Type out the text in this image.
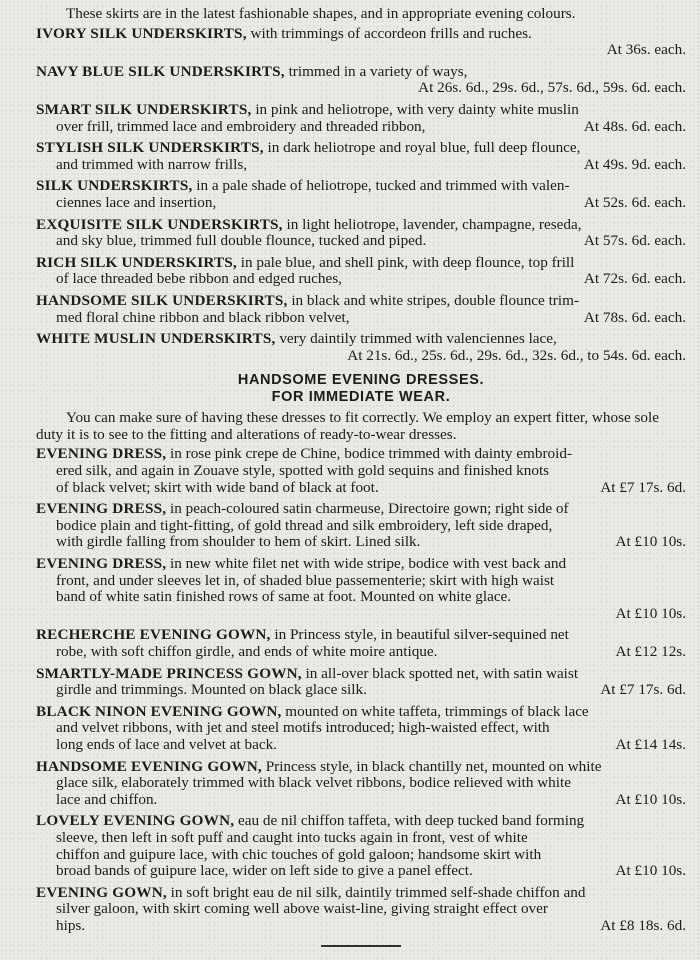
These skirts are in the latest fashionable shapes, and in appropriate evening colours.

IVORY SILK UNDERSKIRTS, with trimmings of accordeon frills and ruches.
At 36s. each.
NAVY BLUE SILK UNDERSKIRTS, trimmed in a variety of ways,
At 26s. 6d., 29s. 6d., 57s. 6d., 59s. 6d. each.
SMART SILK UNDERSKIRTS, in pink and heliotrope, with very dainty white muslin
over frill, trimmed lace and embroidery and threaded ribbon,	At 48s. 6d. each.
STYLISH SILK UNDERSKIRTS, in dark heliotrope and royal blue, full deep flounce,
and trimmed with narrow frills,	At 49s. 9d. each.
SILK UNDERSKIRTS, in a pale shade of heliotrope, tucked and trimmed with valen-
ciennes lace and insertion,	At 52s. 6d. each.
EXQUISITE SILK UNDERSKIRTS, in light heliotrope, lavender, champagne, reseda,
and sky blue, trimmed full double flounce, tucked and piped.	At 57s. 6d. each.
RICH SILK UNDERSKIRTS, in pale blue, and shell pink, with deep flounce, top frill
of lace threaded bebe ribbon and edged ruches,	At 72s. 6d. each.
HANDSOME SILK UNDERSKIRTS, in black and white stripes, double flounce trim-
med floral chine ribbon and black ribbon velvet,	At 78s. 6d. each.
WHITE MUSLIN UNDERSKIRTS, very daintily trimmed with valenciennes lace,
At 21s. 6d., 25s. 6d., 29s. 6d., 32s. 6d., to 54s. 6d. each.
HANDSOME EVENING DRESSES.
FOR IMMEDIATE WEAR.

You can make sure of having these dresses to fit correctly. We employ an expert fitter, whose sole duty it is to see to the fitting and alterations of ready-to-wear dresses.

EVENING DRESS, in rose pink crepe de Chine, bodice trimmed with dainty embroid-
ered silk, and again in Zouave style, spotted with gold sequins and finished knots
of black velvet; skirt with wide band of black at foot.	At £7 17s. 6d.
EVENING DRESS, in peach-coloured satin charmeuse, Directoire gown; right side of
bodice plain and tight-fitting, of gold thread and silk embroidery, left side draped,
with girdle falling from shoulder to hem of skirt. Lined silk.	At £10 10s.
EVENING DRESS, in new white filet net with wide stripe, bodice with vest back and
front, and under sleeves let in, of shaded blue passementerie; skirt with high waist
band of white satin finished rows of same at foot. Mounted on white glace.
At £10 10s.
RECHERCHE EVENING GOWN, in Princess style, in beautiful silver-sequined net
robe, with soft chiffon girdle, and ends of white moire antique.	At £12 12s.
SMARTLY-MADE PRINCESS GOWN, in all-over black spotted net, with satin waist
girdle and trimmings. Mounted on black glace silk.	At £7 17s. 6d.
BLACK NINON EVENING GOWN, mounted on white taffeta, trimmings of black lace
and velvet ribbons, with jet and steel motifs introduced; high-waisted effect, with
long ends of lace and velvet at back.	At £14 14s.
HANDSOME EVENING GOWN, Princess style, in black chantilly net, mounted on white
glace silk, elaborately trimmed with black velvet ribbons, bodice relieved with white
lace and chiffon.	At £10 10s.
LOVELY EVENING GOWN, eau de nil chiffon taffeta, with deep tucked band forming
sleeve, then left in soft puff and caught into tucks again in front, vest of white
chiffon and guipure lace, with chic touches of gold galoon; handsome skirt with
broad bands of guipure lace, wider on left side to give a panel effect.	At £10 10s.
EVENING GOWN, in soft bright eau de nil silk, daintily trimmed self-shade chiffon and
silver galoon, with skirt coming well above waist-line, giving straight effect over
hips.	At £8 18s. 6d.
